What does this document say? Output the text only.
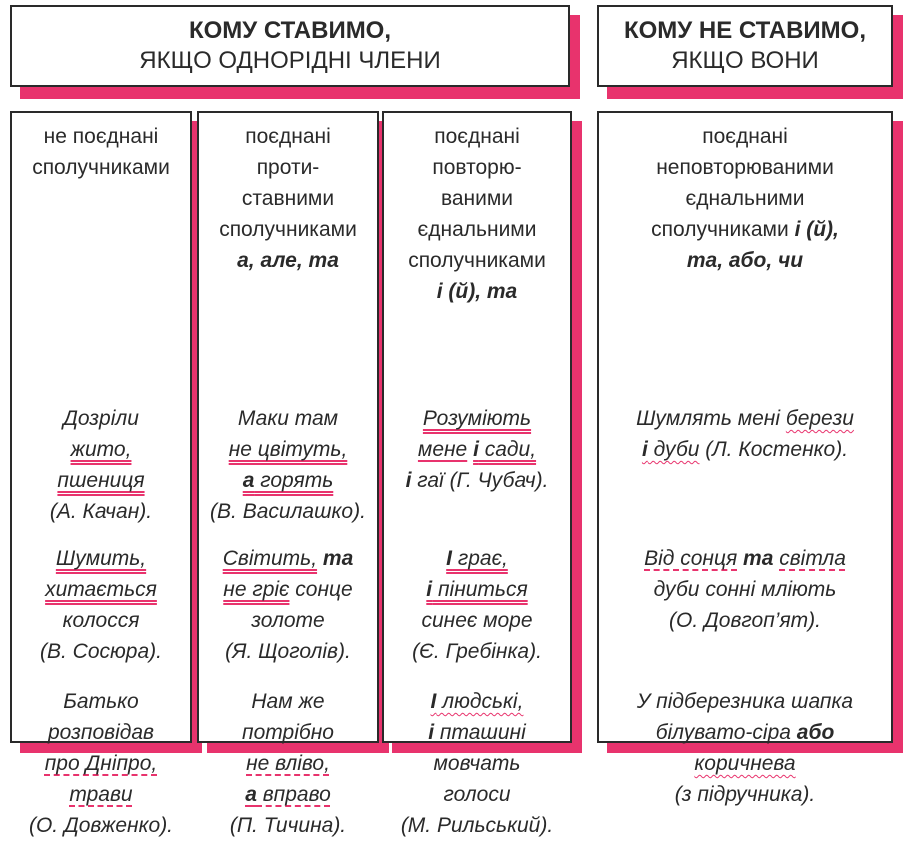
КОМУ СТАВИМО,
ЯКЩО ОДНОРІДНІ ЧЛЕНИ
КОМУ НЕ СТАВИМО,
ЯКЩО ВОНИ
не поєднані
сполучниками
Дозріли
жито,
пшениця
(А. Качан).
Шумить,
хитається
колосся
(В. Сосюра).
Батько
розповідав
про Дніпро,
трави
(О. Довженко).
поєднані
проти-
ставними
сполучниками
а, але, та
Маки там
не цвітуть,
а горять
(В. Василашко).
Світить, та
не гріє сонце
золоте
(Я. Щоголів).
Нам же
потрібно
не вліво,
а вправо
(П. Тичина).
поєднані
повторю-
ваними
єднальними
сполучниками
і (й), та
Розуміють
мене і сади,
і гаї (Г. Чубач).
І грає,
і піниться
синеє море
(Є. Гребінка).
І людські,
і пташині
мовчать
голоси
(М. Рильський).
поєднані
неповторюваними
єднальними
сполучниками і (й),
та, або, чи
Шумлять мені берези
і дуби (Л. Костенко).
Від сонця та світла
дуби сонні мліють
(О. Довгоп’ят).
У підберезника шапка
білувато-сіра або
коричнева
(з підручника).
